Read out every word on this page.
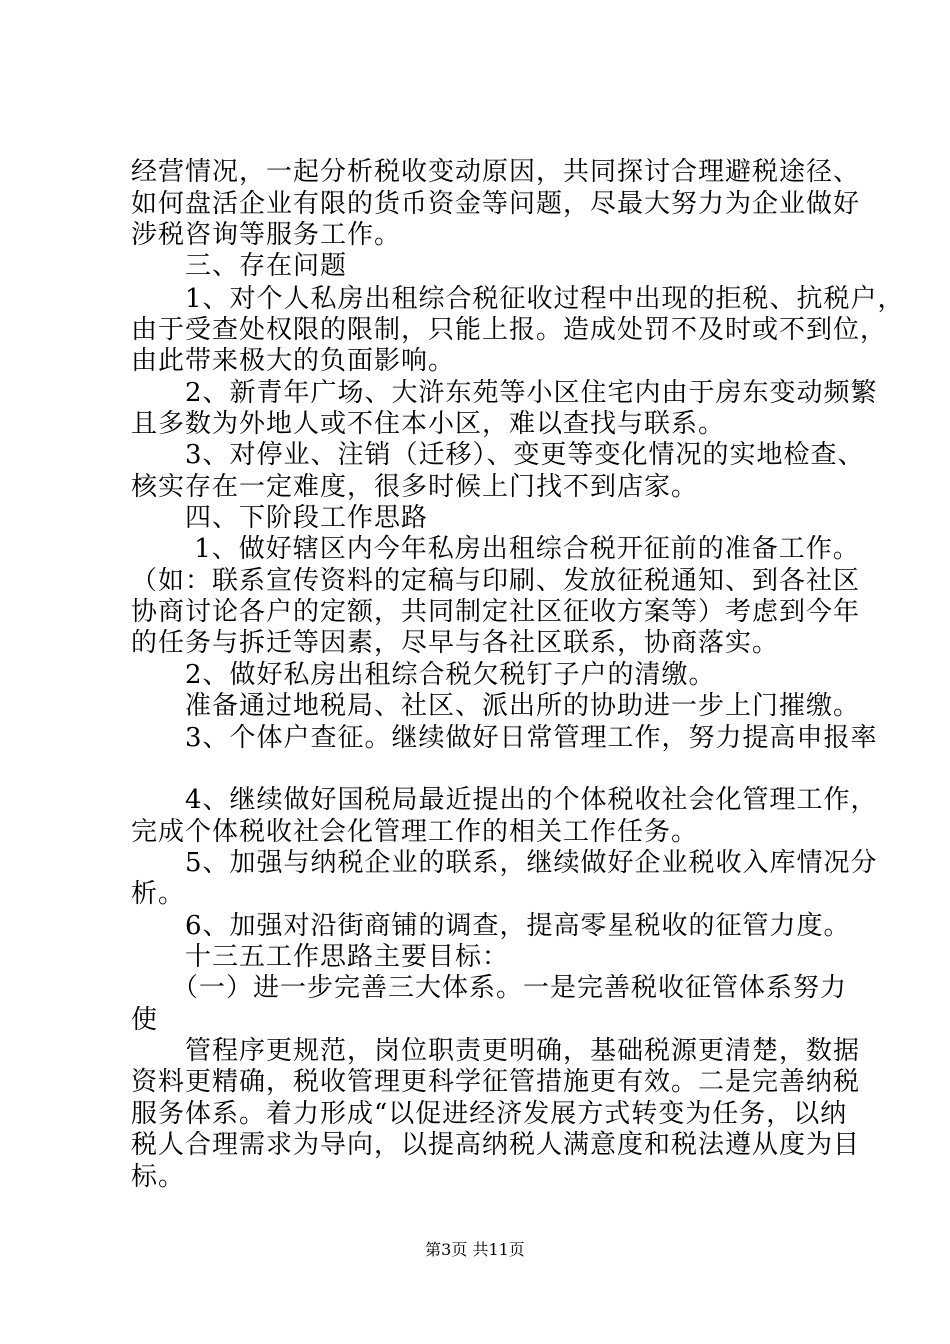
经营情况，一起分析税收变动原因，共同探讨合理避税途径、
如何盘活企业有限的货币资金等问题，尽最大努力为企业做好
涉税咨询等服务工作。
　　三、存在问题
　　1、对个人私房出租综合税征收过程中出现的拒税、抗税户，
由于受查处权限的限制，只能上报。造成处罚不及时或不到位，
由此带来极大的负面影响。
　　2、新青年广场、大浒东苑等小区住宅内由于房东变动频繁
且多数为外地人或不住本小区，难以查找与联系。
　　3、对停业、注销（迁移）、变更等变化情况的实地检查、
核实存在一定难度，很多时候上门找不到店家。
　　四、下阶段工作思路
　　 1、做好辖区内今年私房出租综合税开征前的准备工作。
（如：联系宣传资料的定稿与印刷、发放征税通知、到各社区
协商讨论各户的定额，共同制定社区征收方案等）考虑到今年
的任务与拆迁等因素，尽早与各社区联系，协商落实。
　　2、做好私房出租综合税欠税钉子户的清缴。
　　准备通过地税局、社区、派出所的协助进一步上门摧缴。
　　3、个体户查征。继续做好日常管理工作，努力提高申报率
　　4、继续做好国税局最近提出的个体税收社会化管理工作，
完成个体税收社会化管理工作的相关工作任务。
　　5、加强与纳税企业的联系，继续做好企业税收入库情况分
析。
　　6、加强对沿街商铺的调查，提高零星税收的征管力度。
　　十三五工作思路主要目标：
　　（一）进一步完善三大体系。一是完善税收征管体系努力
使
　　管程序更规范，岗位职责更明确，基础税源更清楚，数据
资料更精确，税收管理更科学征管措施更有效。二是完善纳税
服务体系。着力形成“以促进经济发展方式转变为任务，以纳
税人合理需求为导向，以提高纳税人满意度和税法遵从度为目
标。
第3页 共11页
